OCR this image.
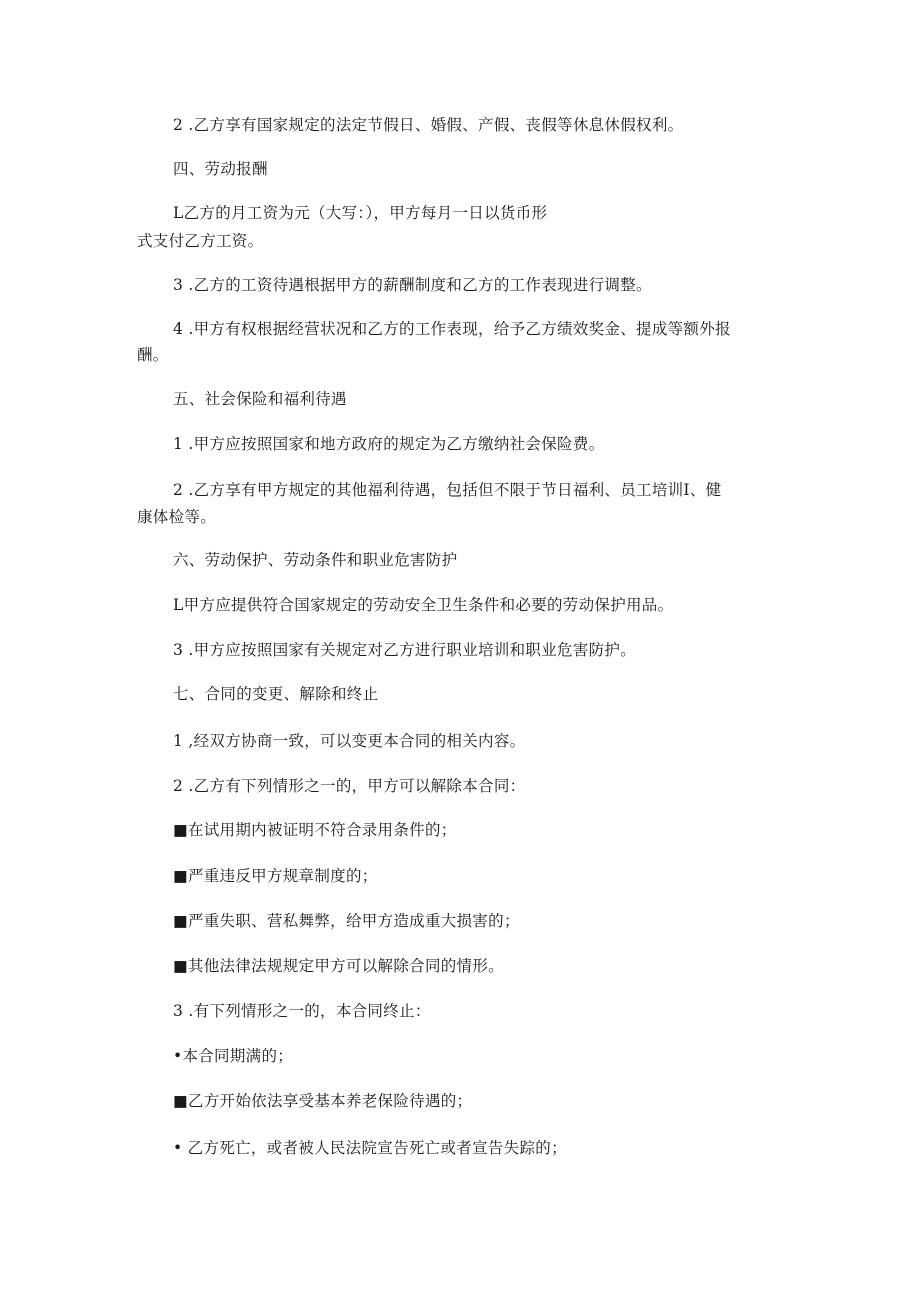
2 .乙方享有国家规定的法定节假日、婚假、产假、丧假等休息休假权利。
四、劳动报酬
L乙方的月工资为元（大写：），甲方每月一日以货币形
式支付乙方工资。
3 .乙方的工资待遇根据甲方的薪酬制度和乙方的工作表现进行调整。
4 .甲方有权根据经营状况和乙方的工作表现，给予乙方绩效奖金、提成等额外报
酬。
五、社会保险和福利待遇
1 .甲方应按照国家和地方政府的规定为乙方缴纳社会保险费。
2 .乙方享有甲方规定的其他福利待遇，包括但不限于节日福利、员工培训I、健
康体检等。
六、劳动保护、劳动条件和职业危害防护
L甲方应提供符合国家规定的劳动安全卫生条件和必要的劳动保护用品。
3 .甲方应按照国家有关规定对乙方进行职业培训和职业危害防护。
七、合同的变更、解除和终止
1 ,经双方协商一致，可以变更本合同的相关内容。
2 .乙方有下列情形之一的，甲方可以解除本合同：
■在试用期内被证明不符合录用条件的；
■严重违反甲方规章制度的；
■严重失职、营私舞弊，给甲方造成重大损害的；
■其他法律法规规定甲方可以解除合同的情形。
3 .有下列情形之一的，本合同终止：
•本合同期满的；
■乙方开始依法享受基本养老保险待遇的；
• 乙方死亡，或者被人民法院宣告死亡或者宣告失踪的；
